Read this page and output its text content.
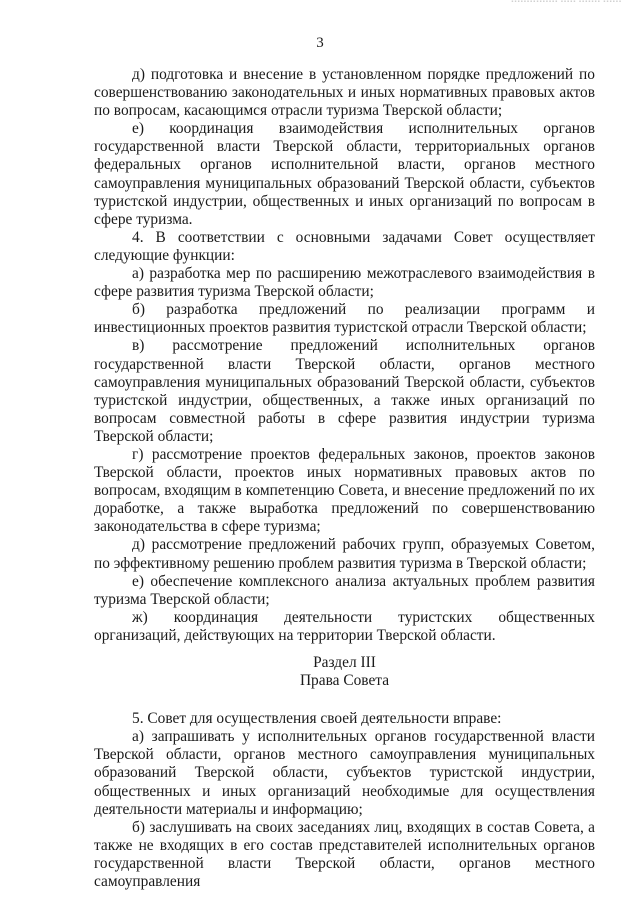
▪▪▪▪▪▪▪▪▪▪▪▪▪▪▪ ▪▪▪▪▪ ▪▪▪▪▪▪▪ ▪▪▪▪▪▪
3

д) подготовка и внесение в установленном порядке предложений по совершенствованию законодательных и иных нормативных правовых актов по вопросам, касающимся отрасли туризма Тверской области;

е) координация взаимодействия исполнительных органов государственной власти Тверской области, территориальных органов федеральных органов исполнительной власти, органов местного самоуправления муниципальных образований Тверской области, субъектов туристской индустрии, общественных и иных организаций по вопросам в сфере туризма.

4. В соответствии с основными задачами Совет осуществляет следующие функции:

а) разработка мер по расширению межотраслевого взаимодействия в сфере развития туризма Тверской области;

б) разработка предложений по реализации программ и инвестиционных проектов развития туристской отрасли Тверской области;

в) рассмотрение предложений исполнительных органов государственной власти Тверской области, органов местного самоуправления муниципальных образований Тверской области, субъектов туристской индустрии, общественных, а также иных организаций по вопросам совместной работы в сфере развития индустрии туризма Тверской области;

г) рассмотрение проектов федеральных законов, проектов законов Тверской области, проектов иных нормативных правовых актов по вопросам, входящим в компетенцию Совета, и внесение предложений по их доработке, а также выработка предложений по совершенствованию законодательства в сфере туризма;

д) рассмотрение предложений рабочих групп, образуемых Советом, по эффективному решению проблем развития туризма в Тверской области;

е) обеспечение комплексного анализа актуальных проблем развития туризма Тверской области;

ж) координация деятельности туристских общественных организаций, действующих на территории Тверской области.

Раздел III

Права Совета

5. Совет для осуществления своей деятельности вправе:

а) запрашивать у исполнительных органов государственной власти Тверской области, органов местного самоуправления муниципальных образований Тверской области, субъектов туристской индустрии, общественных и иных организаций необходимые для осуществления деятельности материалы и информацию;

б) заслушивать на своих заседаниях лиц, входящих в состав Совета, а также не входящих в его состав представителей исполнительных органов государственной власти Тверской области, органов местного самоуправления
